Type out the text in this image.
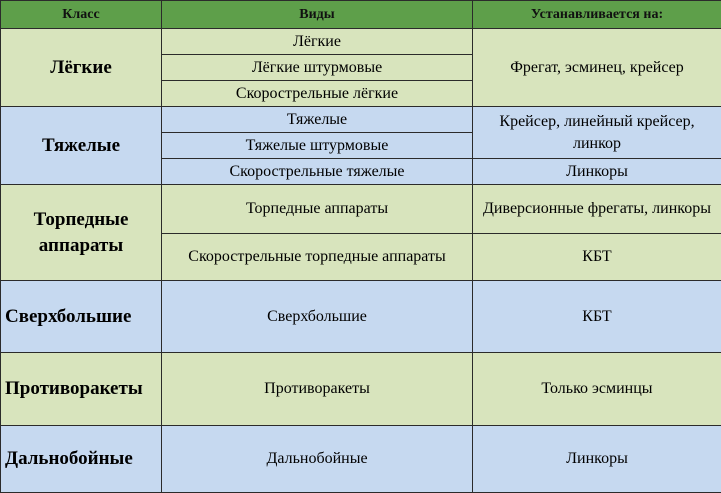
Класс	Виды	Устанавливается на:
Лёгкие	Лёгкие	Фрегат, эсминец, крейсер
	Лёгкие штурмовые	
	Скорострельные лёгкие	
Тяжелые	Тяжелые	Крейсер, линейный крейсер, линкор
	Тяжелые штурмовые	
	Скорострельные тяжелые	Линкоры
Торпедные аппараты	Торпедные аппараты	Диверсионные фрегаты, линкоры
	Скорострельные торпедные аппараты	КБТ
Сверхбольшие	Сверхбольшие	КБТ
Противоракеты	Противоракеты	Только эсминцы
Дальнобойные	Дальнобойные	Линкоры
